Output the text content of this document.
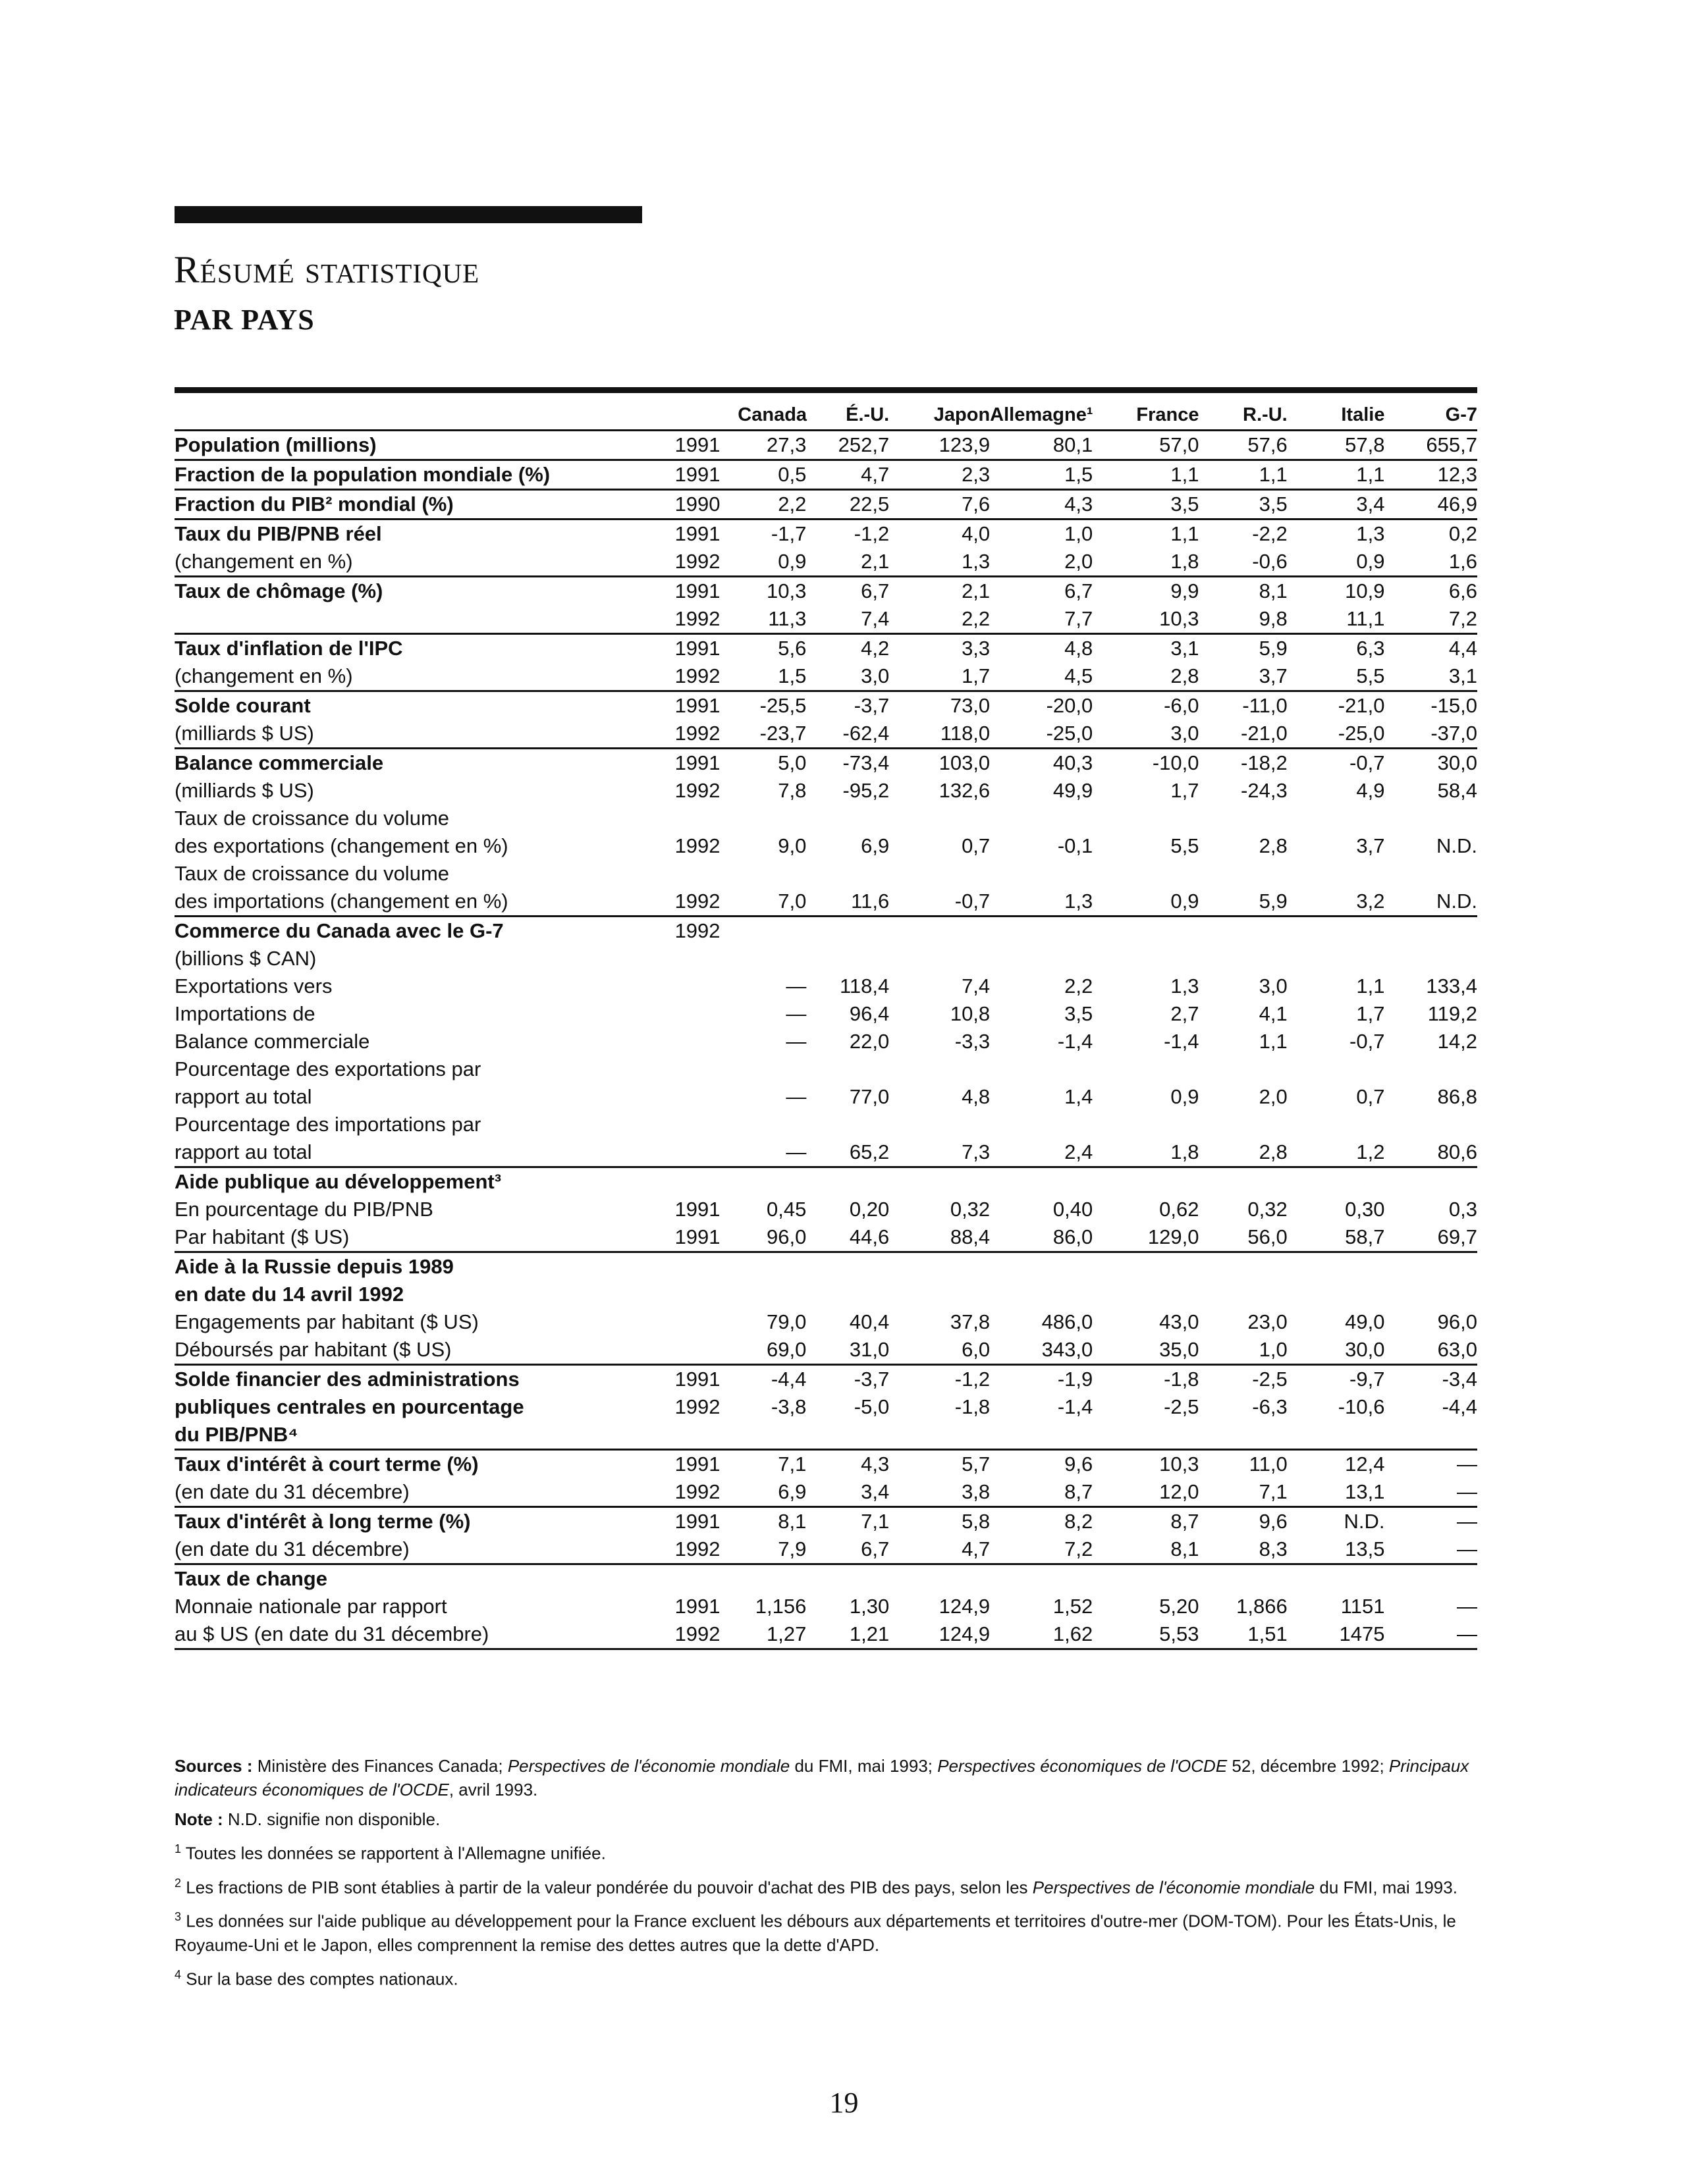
Résumé statistique
PAR PAYS
		Canada	É.-U.	Japon	Allemagne¹	France	R.-U.	Italie	G-7
Population (millions)	1991	27,3	252,7	123,9	80,1	57,0	57,6	57,8	655,7
Fraction de la population mondiale (%)	1991	0,5	4,7	2,3	1,5	1,1	1,1	1,1	12,3
Fraction du PIB² mondial (%)	1990	2,2	22,5	7,6	4,3	3,5	3,5	3,4	46,9
Taux du PIB/PNB réel	1991	-1,7	-1,2	4,0	1,0	1,1	-2,2	1,3	0,2
(changement en %)	1992	0,9	2,1	1,3	2,0	1,8	-0,6	0,9	1,6
Taux de chômage (%)	1991	10,3	6,7	2,1	6,7	9,9	8,1	10,9	6,6
	1992	11,3	7,4	2,2	7,7	10,3	9,8	11,1	7,2
Taux d'inflation de l'IPC	1991	5,6	4,2	3,3	4,8	3,1	5,9	6,3	4,4
(changement en %)	1992	1,5	3,0	1,7	4,5	2,8	3,7	5,5	3,1
Solde courant	1991	-25,5	-3,7	73,0	-20,0	-6,0	-11,0	-21,0	-15,0
(milliards $ US)	1992	-23,7	-62,4	118,0	-25,0	3,0	-21,0	-25,0	-37,0
Balance commerciale	1991	5,0	-73,4	103,0	40,3	-10,0	-18,2	-0,7	30,0
(milliards $ US)	1992	7,8	-95,2	132,6	49,9	1,7	-24,3	4,9	58,4
Taux de croissance du volume									
des exportations (changement en %)	1992	9,0	6,9	0,7	-0,1	5,5	2,8	3,7	N.D.
Taux de croissance du volume									
des importations (changement en %)	1992	7,0	11,6	-0,7	1,3	0,9	5,9	3,2	N.D.
Commerce du Canada avec le G-7	1992								
(billions $ CAN)									
Exportations vers		—	118,4	7,4	2,2	1,3	3,0	1,1	133,4
Importations de		—	96,4	10,8	3,5	2,7	4,1	1,7	119,2
Balance commerciale		—	22,0	-3,3	-1,4	-1,4	1,1	-0,7	14,2
Pourcentage des exportations par									
rapport au total		—	77,0	4,8	1,4	0,9	2,0	0,7	86,8
Pourcentage des importations par									
rapport au total		—	65,2	7,3	2,4	1,8	2,8	1,2	80,6
Aide publique au développement³									
En pourcentage du PIB/PNB	1991	0,45	0,20	0,32	0,40	0,62	0,32	0,30	0,3
Par habitant ($ US)	1991	96,0	44,6	88,4	86,0	129,0	56,0	58,7	69,7
Aide à la Russie depuis 1989									
en date du 14 avril 1992									
Engagements par habitant ($ US)		79,0	40,4	37,8	486,0	43,0	23,0	49,0	96,0
Déboursés par habitant ($ US)		69,0	31,0	6,0	343,0	35,0	1,0	30,0	63,0
Solde financier des administrations	1991	-4,4	-3,7	-1,2	-1,9	-1,8	-2,5	-9,7	-3,4
publiques centrales en pourcentage	1992	-3,8	-5,0	-1,8	-1,4	-2,5	-6,3	-10,6	-4,4
du PIB/PNB⁴									
Taux d'intérêt à court terme (%)	1991	7,1	4,3	5,7	9,6	10,3	11,0	12,4	—
(en date du 31 décembre)	1992	6,9	3,4	3,8	8,7	12,0	7,1	13,1	—
Taux d'intérêt à long terme (%)	1991	8,1	7,1	5,8	8,2	8,7	9,6	N.D.	—
(en date du 31 décembre)	1992	7,9	6,7	4,7	7,2	8,1	8,3	13,5	—
Taux de change									
Monnaie nationale par rapport	1991	1,156	1,30	124,9	1,52	5,20	1,866	1151	—
au $ US (en date du 31 décembre)	1992	1,27	1,21	124,9	1,62	5,53	1,51	1475	—

Sources : Ministère des Finances Canada; Perspectives de l'économie mondiale du FMI, mai 1993; Perspectives économiques de l'OCDE 52, décembre 1992; Principaux indicateurs économiques de l'OCDE, avril 1993.

Note : N.D. signifie non disponible.

$^1$ Toutes les données se rapportent à l'Allemagne unifiée.

$^2$ Les fractions de PIB sont établies à partir de la valeur pondérée du pouvoir d'achat des PIB des pays, selon les Perspectives de l'économie mondiale du FMI, mai 1993.

$^3$ Les données sur l'aide publique au développement pour la France excluent les débours aux départements et territoires d'outre-mer (DOM-TOM). Pour les États-Unis, le Royaume-Uni et le Japon, elles comprennent la remise des dettes autres que la dette d'APD.

$^4$ Sur la base des comptes nationaux.

19
